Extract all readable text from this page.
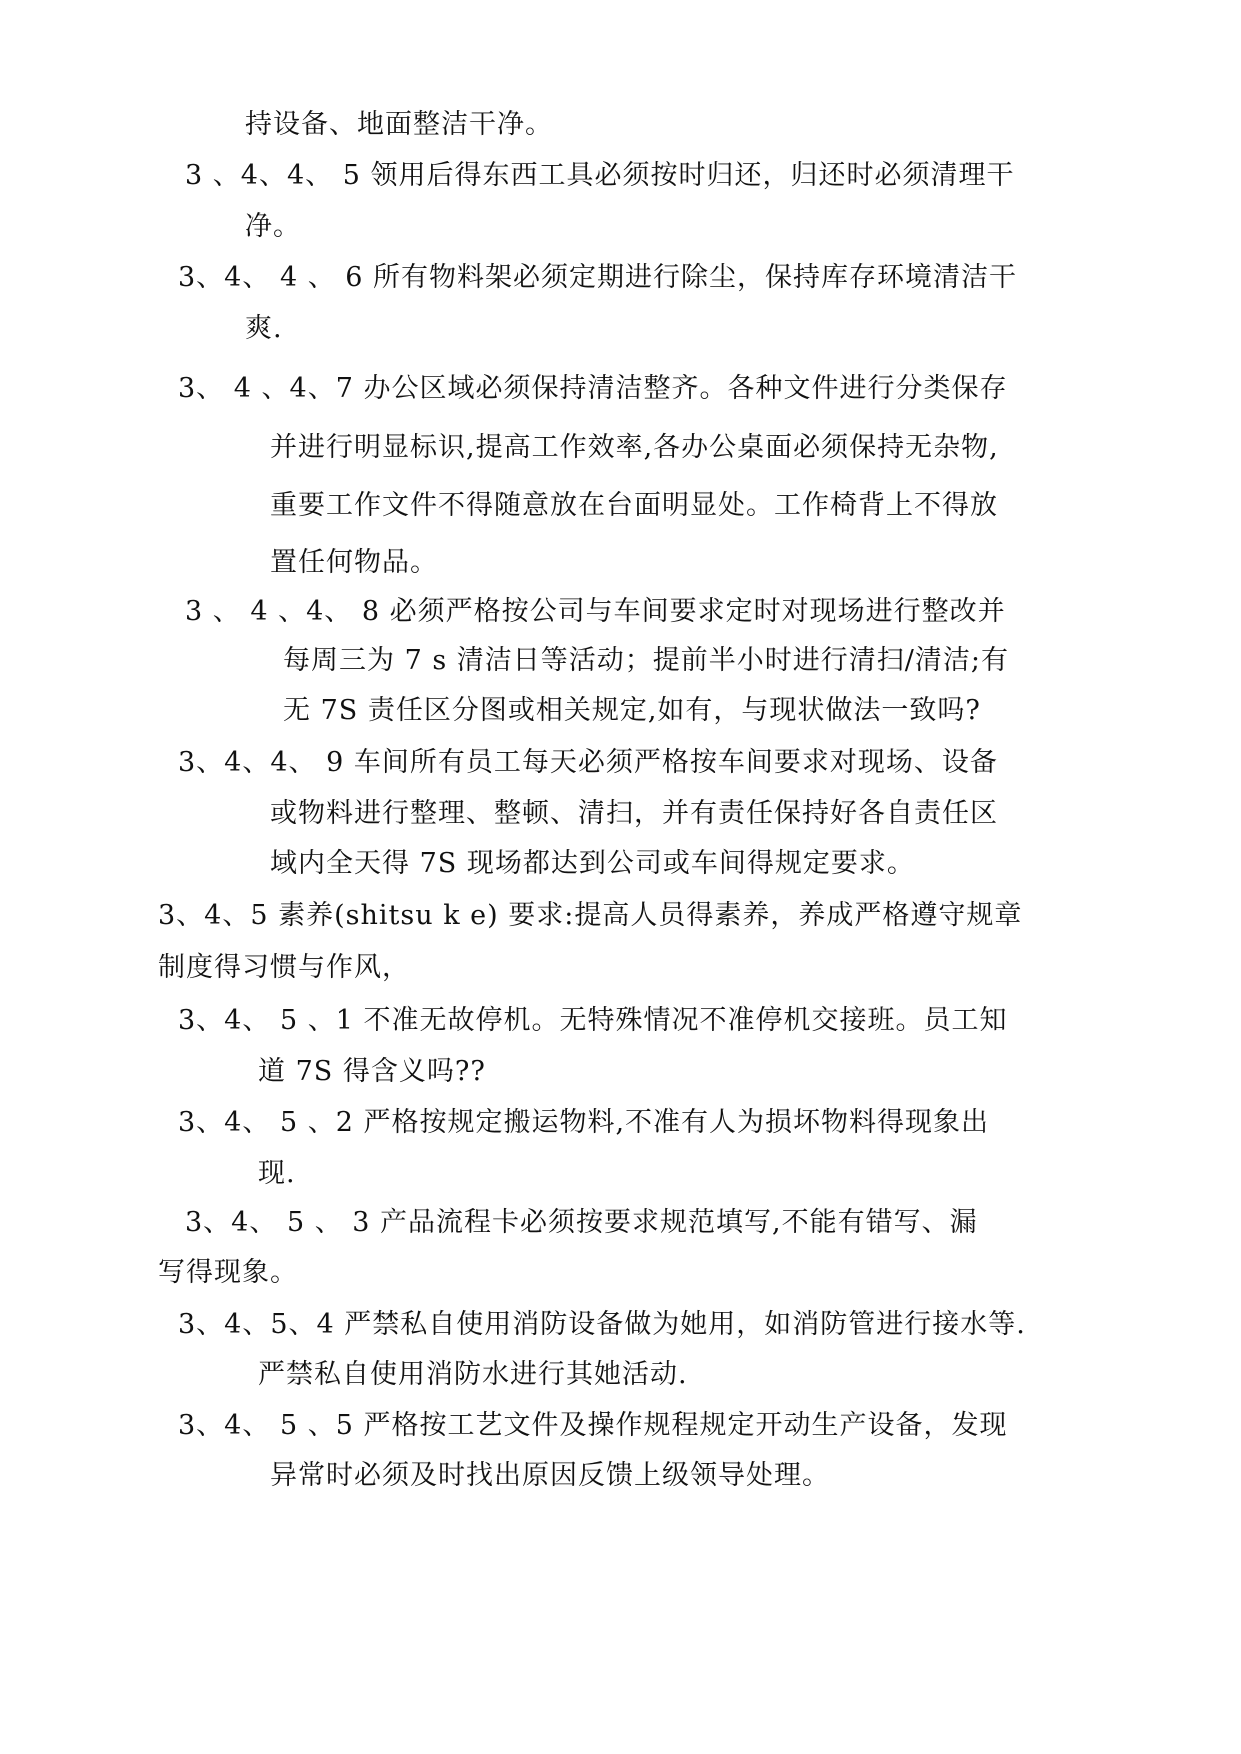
持设备、地面整洁干净。
3 、4、4、 5 领用后得东西工具必须按时归还，归还时必须清理干
净。
3、4、 4 、 6 所有物料架必须定期进行除尘，保持库存环境清洁干
爽.
3、 4 、4、7 办公区域必须保持清洁整齐。各种文件进行分类保存
并进行明显标识,提高工作效率,各办公桌面必须保持无杂物,
重要工作文件不得随意放在台面明显处。工作椅背上不得放
置任何物品。
3 、 4 、4、 8 必须严格按公司与车间要求定时对现场进行整改并
每周三为 7 s 清洁日等活动；提前半小时进行清扫/清洁;有
无 7S 责任区分图或相关规定,如有，与现状做法一致吗?
3、4、4、 9 车间所有员工每天必须严格按车间要求对现场、设备
或物料进行整理、整顿、清扫，并有责任保持好各自责任区
域内全天得 7S 现场都达到公司或车间得规定要求。
3、4、5 素养(shitsu k e) 要求:提高人员得素养，养成严格遵守规章
制度得习惯与作风，
3、4、 5 、1 不准无故停机。无特殊情况不准停机交接班。员工知
道 7S 得含义吗??
3、4、 5 、2 严格按规定搬运物料,不准有人为损坏物料得现象出
现.
3、4、 5 、 3 产品流程卡必须按要求规范填写,不能有错写、漏
写得现象。
3、4、5、4 严禁私自使用消防设备做为她用，如消防管进行接水等.
严禁私自使用消防水进行其她活动.
3、4、 5 、5 严格按工艺文件及操作规程规定开动生产设备，发现
异常时必须及时找出原因反馈上级领导处理。
